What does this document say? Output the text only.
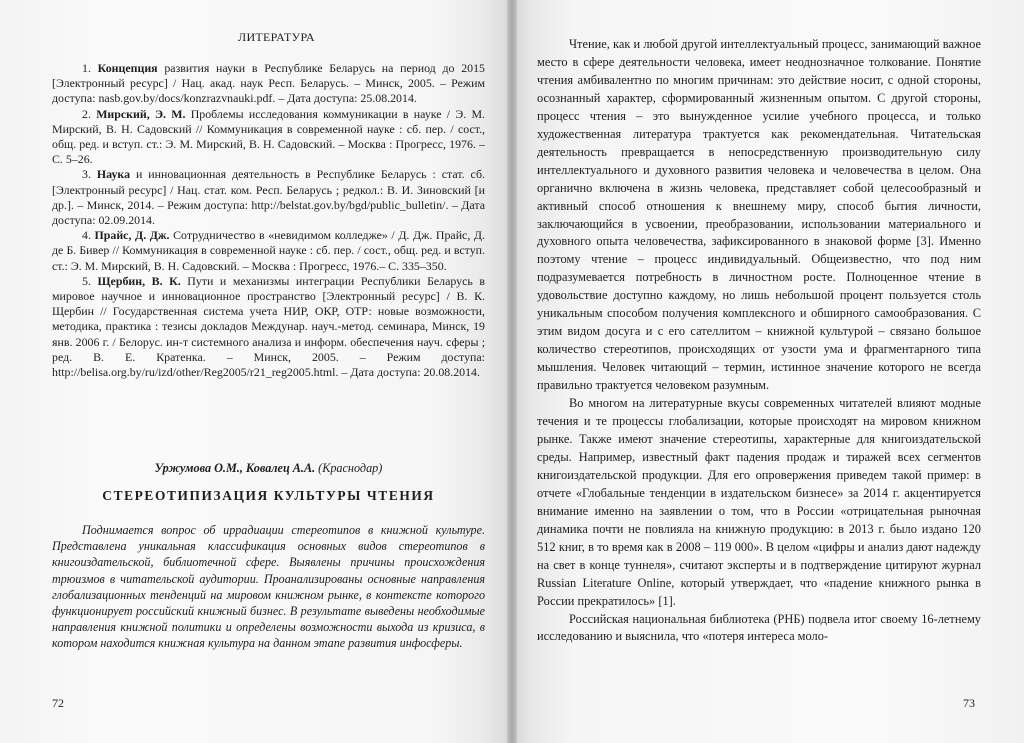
ЛИТЕРАТУРА

1. Концепция развития науки в Республике Беларусь на период до 2015 [Электронный ресурс] / Нац. акад. наук Респ. Беларусь. – Минск, 2005. – Режим доступа: nasb.gov.by/docs/konzrazvnauki.pdf. – Дата доступа: 25.08.2014.

2. Мирский, Э. М. Проблемы исследования коммуникации в науке / Э. М. Мирский, В. Н. Садовский // Коммуникация в современной науке : сб. пер. / сост., общ. ред. и вступ. ст.: Э. М. Мирский, В. Н. Садовский. – Москва : Прогресс, 1976. – С. 5–26.

3. Наука и инновационная деятельность в Республике Беларусь : стат. сб. [Электронный ресурс] / Нац. стат. ком. Респ. Беларусь ; редкол.: В. И. Зиновский [и др.]. – Минск, 2014. – Режим доступа: http://belstat.gov.by/bgd/public_bulletin/. – Дата доступа: 02.09.2014.

4. Прайс, Д. Дж. Сотрудничество в «невидимом колледже» / Д. Дж. Прайс, Д. де Б. Бивер // Коммуникация в современной науке : сб. пер. / сост., общ. ред. и вступ. ст.: Э. М. Мирский, В. Н. Садовский. – Москва : Прогресс, 1976.– С. 335–350.

5. Щербин, В. К. Пути и механизмы интеграции Республики Беларусь в мировое научное и инновационное пространство [Электронный ресурс] / В. К. Щербин // Государственная система учета НИР, ОКР, ОТР: новые возможности, методика, практика : тезисы докладов Междунар. науч.-метод. семинара, Минск, 19 янв. 2006 г. / Белорус. ин-т системного анализа и информ. обеспечения науч. сферы ; ред. В. Е. Кратенка. – Минск, 2005. – Режим доступа: http://belisa.org.by/ru/izd/other/Reg2005/r21_reg2005.html. – Дата доступа: 20.08.2014.

Уржумова О.М., Ковалец А.А. (Краснодар)
СТЕРЕОТИПИЗАЦИЯ КУЛЬТУРЫ ЧТЕНИЯ

Поднимается вопрос об иррадиации стереотипов в книжной культуре. Представлена уникальная классификация основных видов стереотипов в книгоиздательской, библиотечной сфере. Выявлены причины происхождения трюизмов в читательской аудитории. Проанализированы основные направления глобализационных тенденций на мировом книжном рынке, в контексте которого функционирует российский книжный бизнес. В результате выведены необходимые направления книжной политики и определены возможности выхода из кризиса, в котором находится книжная культура на данном этапе развития инфосферы.

72

Чтение, как и любой другой интеллектуальный процесс, занимающий важное место в сфере деятельности человека, имеет неоднозначное толкование. Понятие чтения амбивалентно по многим причинам: это действие носит, с одной стороны, осознанный характер, сформированный жизненным опытом. С другой стороны, процесс чтения – это вынужденное усилие учебного процесса, и только художественная литература трактуется как рекомендательная. Читательская деятельность превращается в непосредственную производительную силу интеллектуального и духовного развития человека и человечества в целом. Она органично включена в жизнь человека, представляет собой целесообразный и активный способ отношения к внешнему миру, способ бытия личности, заключающийся в усвоении, преобразовании, использовании материального и духовного опыта человечества, зафиксированного в знаковой форме [3]. Именно поэтому чтение – процесс индивидуальный. Общеизвестно, что под ним подразумевается потребность в личностном росте. Полноценное чтение в удовольствие доступно каждому, но лишь небольшой процент пользуется столь уникальным способом получения комплексного и обширного самообразования. С этим видом досуга и с его сателлитом – книжной культурой – связано большое количество стереотипов, происходящих от узости ума и фрагментарного типа мышления. Человек читающий – термин, истинное значение которого не всегда правильно трактуется человеком разумным.

Во многом на литературные вкусы современных читателей влияют модные течения и те процессы глобализации, которые происходят на мировом книжном рынке. Также имеют значение стереотипы, характерные для книгоиздательской среды. Например, известный факт падения продаж и тиражей всех сегментов книгоиздательской продукции. Для его опровержения приведем такой пример: в отчете «Глобальные тенденции в издательском бизнесе» за 2014 г. акцентируется внимание именно на заявлении о том, что в России «отрицательная рыночная динамика почти не повлияла на книжную продукцию: в 2013 г. было издано 120 512 книг, в то время как в 2008 – 119 000». В целом «цифры и анализ дают надежду на свет в конце туннеля», считают эксперты и в подтверждение цитируют журнал Russian Literature Online, который утверждает, что «падение книжного рынка в России прекратилось» [1].

Российская национальная библиотека (РНБ) подвела итог своему 16-летнему исследованию и выяснила, что «потеря интереса моло-

73
